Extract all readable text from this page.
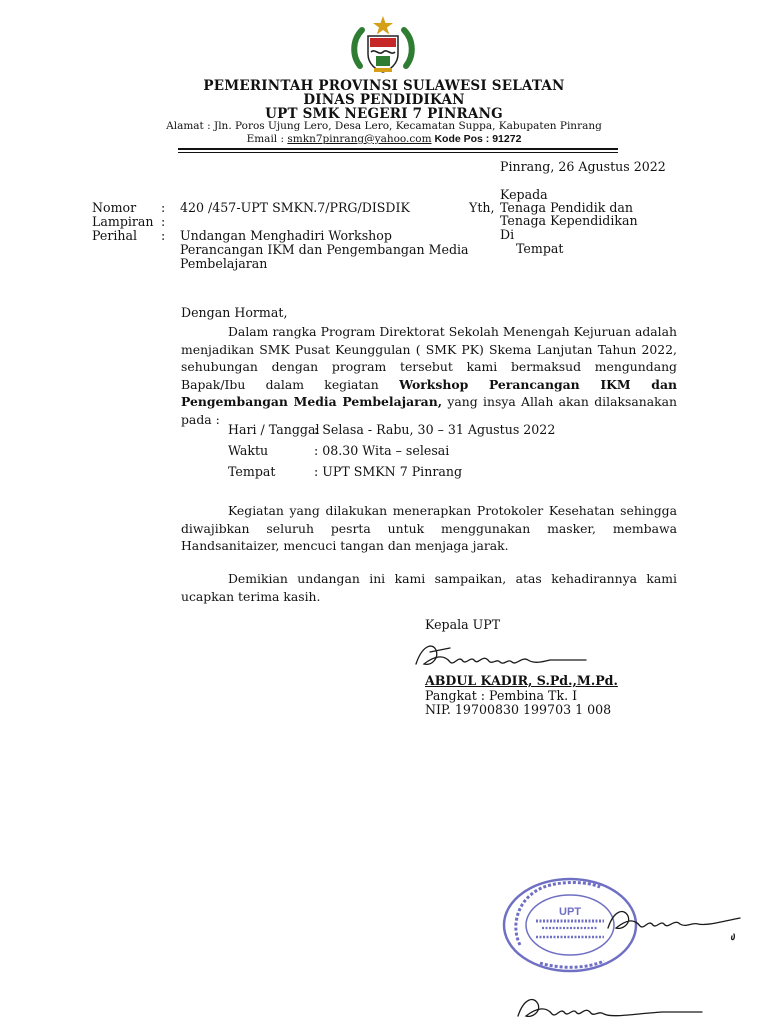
PEMERINTAH PROVINSI SULAWESI SELATAN
DINAS PENDIDIKAN
UPT SMK NEGERI 7 PINRANG
Alamat : Jln. Poros Ujung Lero, Desa Lero, Kecamatan Suppa, Kabupaten Pinrang
Email : smkn7pinrang@yahoo.com Kode Pos : 91272
Pinrang, 26 Agustus 2022
Kepada
Yth, Tenaga Pendidik dan
Tenaga Kependidikan
Di
Tempat
Nomor : 420 /457-UPT SMKN.7/PRG/DISDIK
Lampiran :
Perihal : Undangan Menghadiri Workshop
Perancangan IKM dan Pengembangan Media
Pembelajaran
Dengan Hormat,
Dalam rangka Program Direktorat Sekolah Menengah Kejuruan adalah menjadikan SMK Pusat Keunggulan ( SMK PK) Skema Lanjutan Tahun 2022, sehubungan dengan program tersebut kami bermaksud mengundang Bapak/Ibu dalam kegiatan Workshop Perancangan IKM dan Pengembangan Media Pembelajaran, yang insya Allah akan dilaksanakan pada :
Hari / Tanggal
: Selasa - Rabu, 30 – 31 Agustus 2022
Waktu	: 08.30 Wita – selesai
Tempat	: UPT SMKN 7 Pinrang
Kegiatan yang dilakukan menerapkan Protokoler Kesehatan sehingga diwajibkan seluruh pesrta untuk menggunakan masker, membawa Handsanitaizer, mencuci tangan dan menjaga jarak.
Demikian undangan ini kami sampaikan, atas kehadirannya kami ucapkan terima kasih.
Kepala UPT
ABDUL KADIR, S.Pd.,M.Pd.
Pangkat : Pembina Tk. I
NIP. 19700830 199703 1 008
UPT
